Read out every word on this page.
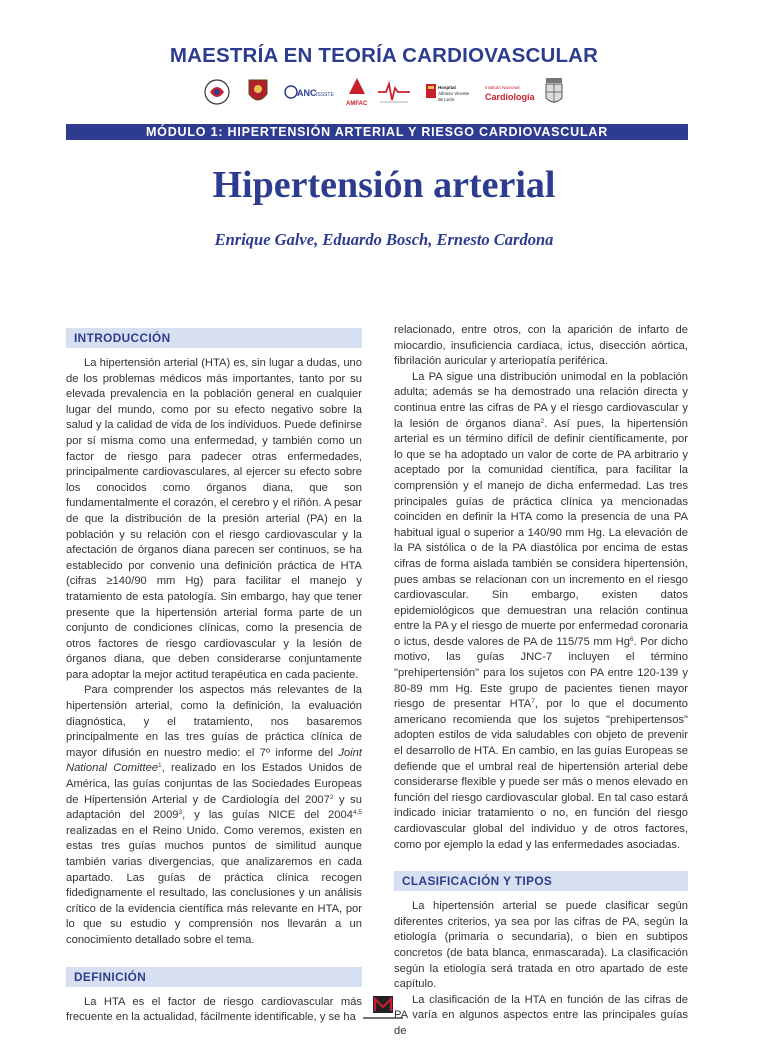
MAESTRÍA EN TEORÍA CARDIOVASCULAR
ANC ISSSTE
AMFAC
Hospital
Alfonso Vicente
de León
Instituto Nacional
Cardiología
MÓDULO 1: HIPERTENSIÓN ARTERIAL Y RIESGO CARDIOVASCULAR
Hipertensión arterial
Enrique Galve, Eduardo Bosch, Ernesto Cardona
INTRODUCCIÓN

La hipertensión arterial (HTA) es, sin lugar a dudas, uno de los problemas médicos más importantes, tanto por su elevada prevalencia en la población general en cualquier lugar del mundo, como por su efecto negativo sobre la salud y la calidad de vida de los individuos. Puede definirse por sí misma como una enfermedad, y también como un factor de riesgo para padecer otras enfermedades, principalmente cardiovasculares, al ejercer su efecto sobre los conocidos como órganos diana, que son fundamentalmente el corazón, el cerebro y el riñón. A pesar de que la distribución de la presión arterial (PA) en la población y su relación con el riesgo cardiovascular y la afectación de órganos diana parecen ser continuos, se ha establecido por convenio una definición práctica de HTA (cifras ≥140/90 mm Hg) para facilitar el manejo y tratamiento de esta patología. Sin embargo, hay que tener presente que la hipertensión arterial forma parte de un conjunto de condiciones clínicas, como la presencia de otros factores de riesgo cardiovascular y la lesión de órganos diana, que deben considerarse conjuntamente para adoptar la mejor actitud terapéutica en cada paciente.

Para comprender los aspectos más relevantes de la hipertensión arterial, como la definición, la evaluación diagnóstica, y el tratamiento, nos basaremos principalmente en las tres guías de práctica clínica de mayor difusión en nuestro medio: el 7º informe del Joint National Comittee$^1$, realizado en los Estados Unidos de América, las guías conjuntas de las Sociedades Europeas de Hipertensión Arterial y de Cardiología del 2007$^2$ y su adaptación del 2009$^3$, y las guías NICE del 2004$^{4,5}$ realizadas en el Reino Unido. Como veremos, existen en estas tres guías muchos puntos de similitud aunque también varias divergencias, que analizaremos en cada apartado. Las guías de práctica clínica recogen fidedignamente el resultado, las conclusiones y un análisis crítico de la evidencia científica más relevante en HTA, por lo que su estudio y comprensión nos llevarán a un conocimiento detallado sobre el tema.

DEFINICIÓN

La HTA es el factor de riesgo cardiovascular más frecuente en la actualidad, fácilmente identificable, y se ha

relacionado, entre otros, con la aparición de infarto de miocardio, insuficiencia cardiaca, ictus, disección aórtica, fibrilación auricular y arteriopatía periférica.

La PA sigue una distribución unimodal en la población adulta; además se ha demostrado una relación directa y continua entre las cifras de PA y el riesgo cardiovascular y la lesión de órganos diana$^2$. Así pues, la hipertensión arterial es un término difícil de definir científicamente, por lo que se ha adoptado un valor de corte de PA arbitrario y aceptado por la comunidad científica, para facilitar la comprensión y el manejo de dicha enfermedad. Las tres principales guías de práctica clínica ya mencionadas coinciden en definir la HTA como la presencia de una PA habitual igual o superior a 140/90 mm Hg. La elevación de la PA sistólica o de la PA diastólica por encima de estas cifras de forma aislada también se considera hipertensión, pues ambas se relacionan con un incremento en el riesgo cardiovascular. Sin embargo, existen datos epidemiológicos que demuestran una relación continua entre la PA y el riesgo de muerte por enfermedad coronaria o ictus, desde valores de PA de 115/75 mm Hg$^6$. Por dicho motivo, las guías JNC-7 incluyen el término "prehipertensión" para los sujetos con PA entre 120-139 y 80-89 mm Hg. Este grupo de pacientes tienen mayor riesgo de presentar HTA$^7$, por lo que el documento americano recomienda que los sujetos "prehipertensos" adopten estilos de vida saludables con objeto de prevenir el desarrollo de HTA. En cambio, en las guías Europeas se defiende que el umbral real de hipertensión arterial debe considerarse flexible y puede ser más o menos elevado en función del riesgo cardiovascular global. En tal caso estará indicado iniciar tratamiento o no, en función del riesgo cardiovascular global del individuo y de otros factores, como por ejemplo la edad y las enfermedades asociadas.

CLASIFICACIÓN Y TIPOS

La hipertensión arterial se puede clasificar según diferentes criterios, ya sea por las cifras de PA, según la etiología (primaria o secundaria), o bien en subtipos concretos (de bata blanca, enmascarada). La clasificación según la etiología será tratada en otro apartado de este capítulo.

La clasificación de la HTA en función de las cifras de PA varía en algunos aspectos entre las principales guías de
